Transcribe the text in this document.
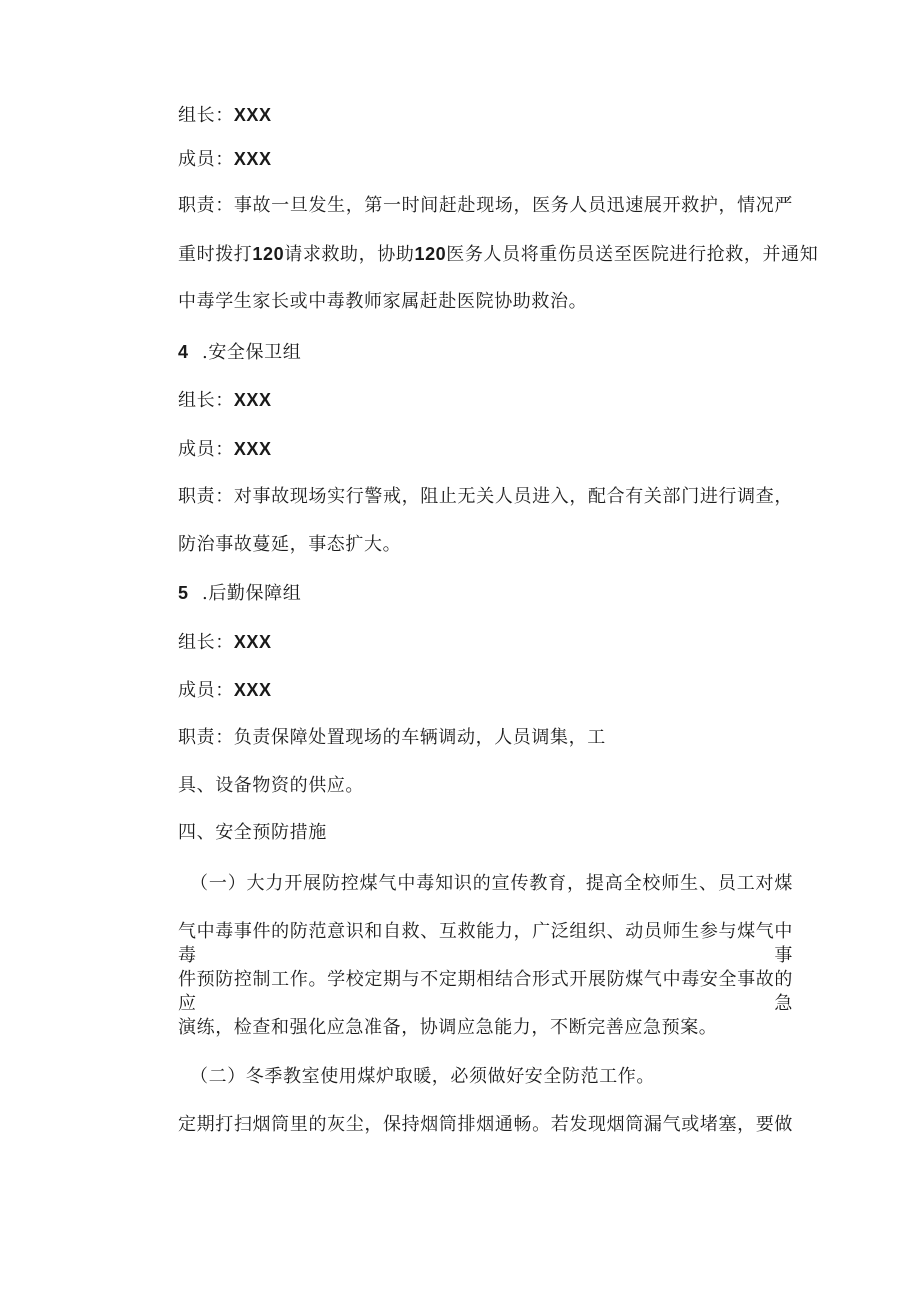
组长：XXX
成员：XXX
职责：事故一旦发生，第一时间赶赴现场，医务人员迅速展开救护，情况严
重时拨打120请求救助，协助120医务人员将重伤员送至医院进行抢救，并通知
中毒学生家长或中毒教师家属赶赴医院协助救治。
4 .安全保卫组
组长：XXX
成员：XXX
职责：对事故现场实行警戒，阻止无关人员进入，配合有关部门进行调查，
防治事故蔓延，事态扩大。
5 .后勤保障组
组长：XXX
成员：XXX
职责：负责保障处置现场的车辆调动，人员调集，工
具、设备物资的供应。
四、安全预防措施
（一）大力开展防控煤气中毒知识的宣传教育，提高全校师生、员工对煤
气中毒事件的防范意识和自救、互救能力，广泛组织、动员师生参与煤气中毒事
件预防控制工作。学校定期与不定期相结合形式开展防煤气中毒安全事故的应急
演练，检查和强化应急准备，协调应急能力，不断完善应急预案。
（二）冬季教室使用煤炉取暖，必须做好安全防范工作。
定期打扫烟筒里的灰尘，保持烟筒排烟通畅。若发现烟筒漏气或堵塞，要做
